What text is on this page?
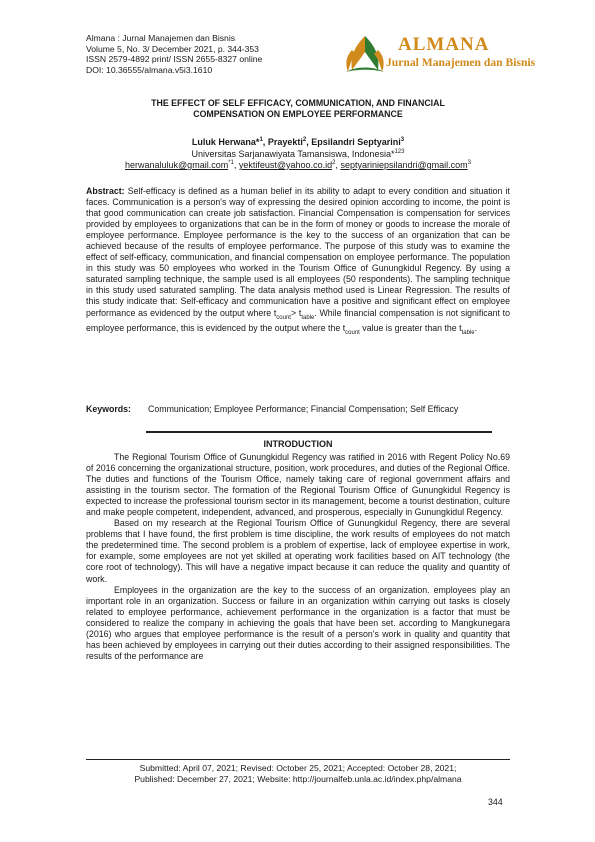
Almana : Jurnal Manajemen dan Bisnis
Volume 5, No. 3/ December 2021, p. 344-353
ISSN 2579-4892 print/ ISSN 2655-8327 online
DOI: 10.36555/almana.v5i3.1610
ALMANA
Jurnal Manajemen dan Bisnis
THE EFFECT OF SELF EFFICACY, COMMUNICATION, AND FINANCIAL
COMPENSATION ON EMPLOYEE PERFORMANCE
Luluk Herwana*$^1$, Prayekti$^2$, Epsilandri Septyarini$^3$
Universitas Sarjanawiyata Tamansiswa, Indonesia*$^{123}$
herwanaluluk@gmail.com$^{*1}$, $yektifeust@yahoo.co.id^2$, septyariniepsilandri@gmail.com$^3$
Abstract: Self-efficacy is defined as a human belief in its ability to adapt to every condition and situation it faces. Communication is a person's way of expressing the desired opinion according to income, the point is that good communication can create job satisfaction. Financial Compensation is compensation for services provided by employees to organizations that can be in the form of money or goods to increase the morale of employee performance. Employee performance is the key to the success of an organization that can be achieved because of the results of employee performance. The purpose of this study was to examine the effect of self-efficacy, communication, and financial compensation on employee performance. The population in this study was 50 employees who worked in the Tourism Office of Gunungkidul Regency. By using a saturated sampling technique, the sample used is all employees (50 respondents). The sampling technique in this study used saturated sampling. The data analysis method used is Linear Regression. The results of this study indicate that: Self-efficacy and communication have a positive and significant effect on employee performance as evidenced by the output where $t_{count}> t_{table}$. While financial compensation is not significant to employee performance, this is evidenced by the output where the $t_{count}$ value is greater than the $t_{table}$.
Keywords: Communication; Employee Performance; Financial Compensation; Self Efficacy
INTRODUCTION

The Regional Tourism Office of Gunungkidul Regency was ratified in 2016 with Regent Policy No.69 of 2016 concerning the organizational structure, position, work procedures, and duties of the Regional Office. The duties and functions of the Tourism Office, namely taking care of regional government affairs and assisting in the tourism sector. The formation of the Regional Tourism Office of Gunungkidul Regency is expected to increase the professional tourism sector in its management, become a tourist destination, culture and make people competent, independent, advanced, and prosperous, especially in Gunungkidul Regency.

Based on my research at the Regional Tourism Office of Gunungkidul Regency, there are several problems that I have found, the first problem is time discipline, the work results of employees do not match the predetermined time. The second problem is a problem of expertise, lack of employee expertise in work, for example, some employees are not yet skilled at operating work facilities based on AIT technology (the core root of technology). This will have a negative impact because it can reduce the quality and quantity of work.

Employees in the organization are the key to the success of an organization. employees play an important role in an organization. Success or failure in an organization within carrying out tasks is closely related to employee performance, achievement performance in the organization is a factor that must be considered to realize the company in achieving the goals that have been set. according to Mangkunegara (2016) who argues that employee performance is the result of a person's work in quality and quantity that has been achieved by employees in carrying out their duties according to their assigned responsibilities. The results of the performance are

Submitted: April 07, 2021; Revised: October 25, 2021; Accepted: October 28, 2021;
Published: December 27, 2021; Website: http://journalfeb.unla.ac.id/index.php/almana
344
